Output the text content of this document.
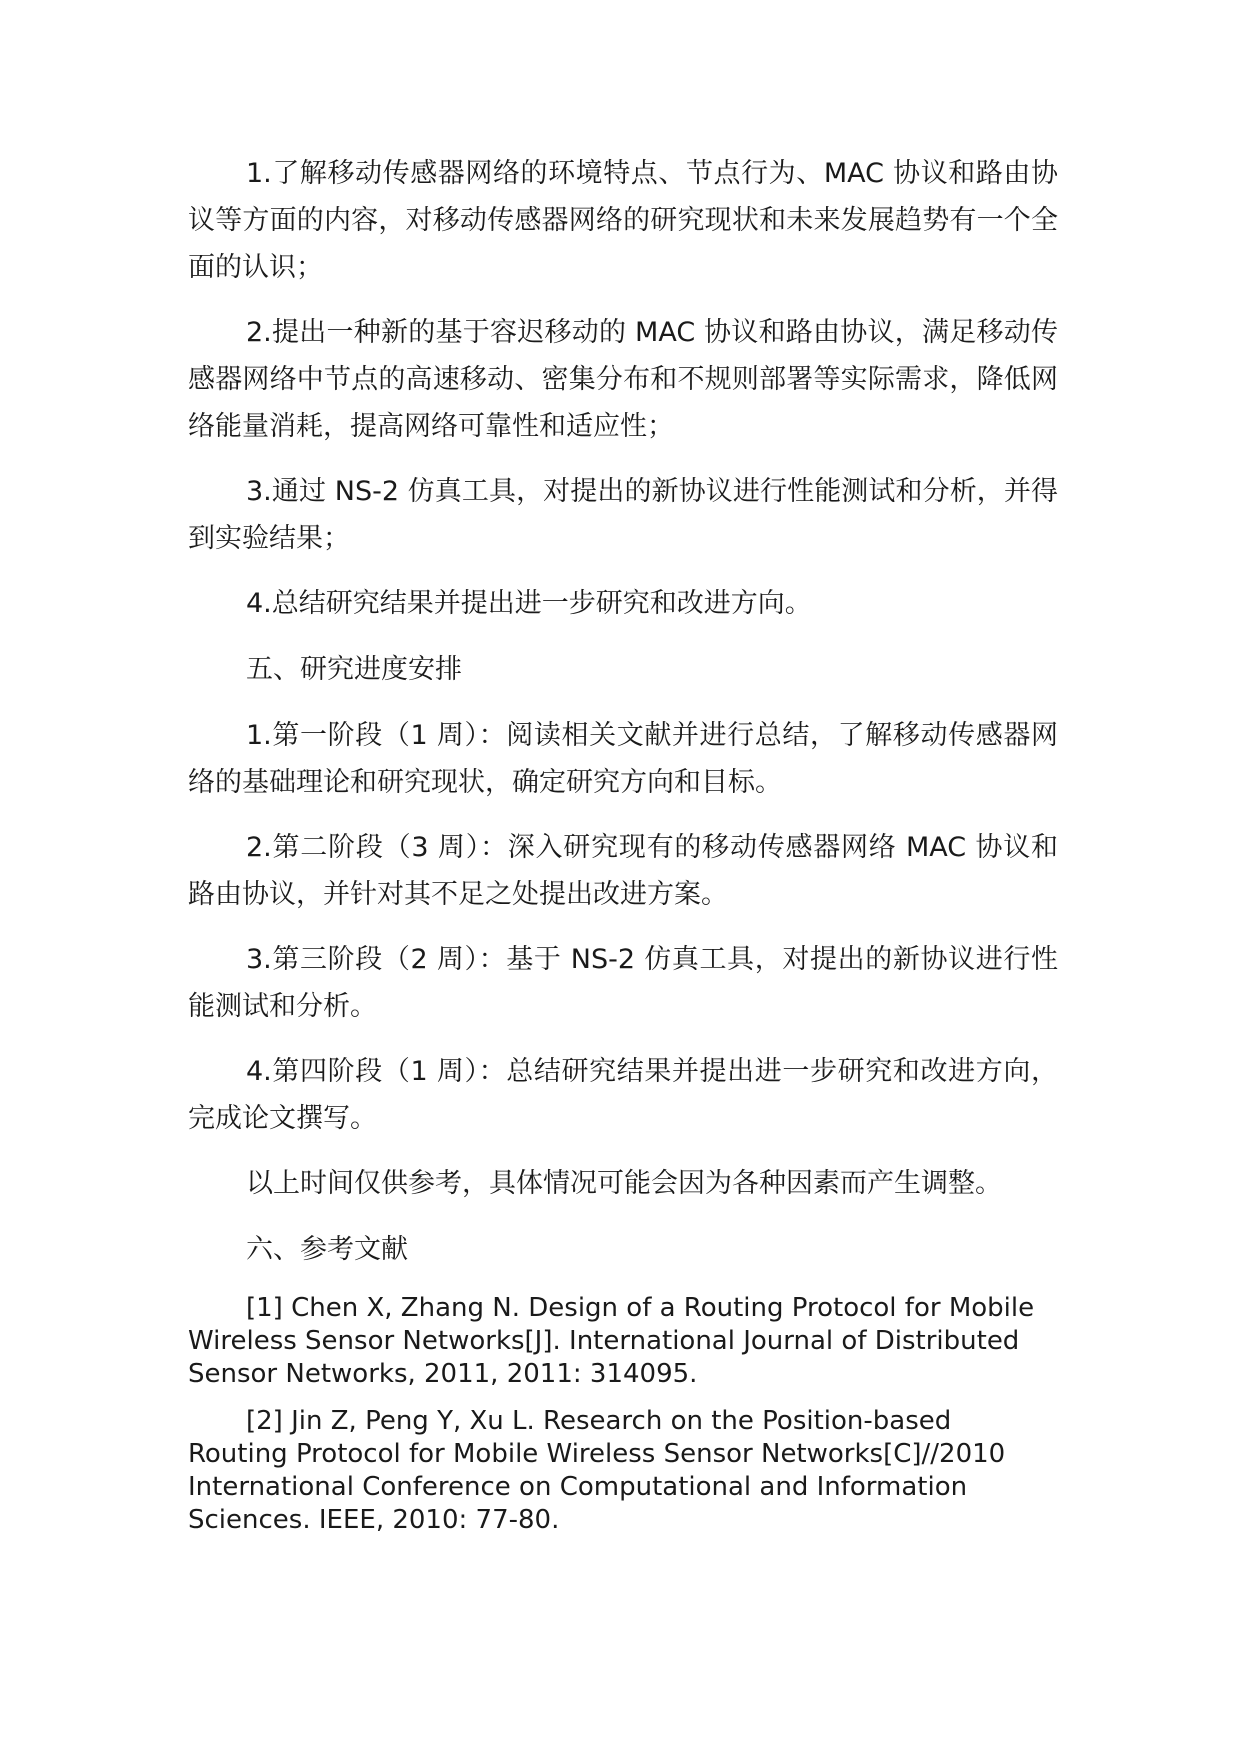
1.了解移动传感器网络的环境特点、节点行为、MAC 协议和路由协议等方面的内容，对移动传感器网络的研究现状和未来发展趋势有一个全面的认识；

2.提出一种新的基于容迟移动的 MAC 协议和路由协议，满足移动传感器网络中节点的高速移动、密集分布和不规则部署等实际需求，降低网络能量消耗，提高网络可靠性和适应性；

3.通过 NS-2 仿真工具，对提出的新协议进行性能测试和分析，并得到实验结果；

4.总结研究结果并提出进一步研究和改进方向。

五、研究进度安排

1.第一阶段（1 周）：阅读相关文献并进行总结，了解移动传感器网络的基础理论和研究现状，确定研究方向和目标。

2.第二阶段（3 周）：深入研究现有的移动传感器网络 MAC 协议和路由协议，并针对其不足之处提出改进方案。

3.第三阶段（2 周）：基于 NS-2 仿真工具，对提出的新协议进行性能测试和分析。

4.第四阶段（1 周）：总结研究结果并提出进一步研究和改进方向，完成论文撰写。

以上时间仅供参考，具体情况可能会因为各种因素而产生调整。

六、参考文献

[1] Chen X, Zhang N. Design of a Routing Protocol for Mobile Wireless Sensor Networks[J]. International Journal of Distributed Sensor Networks, 2011, 2011: 314095.

[2] Jin Z, Peng Y, Xu L. Research on the Position-based Routing Protocol for Mobile Wireless Sensor Networks[C]//2010 International Conference on Computational and Information Sciences. IEEE, 2010: 77-80.
